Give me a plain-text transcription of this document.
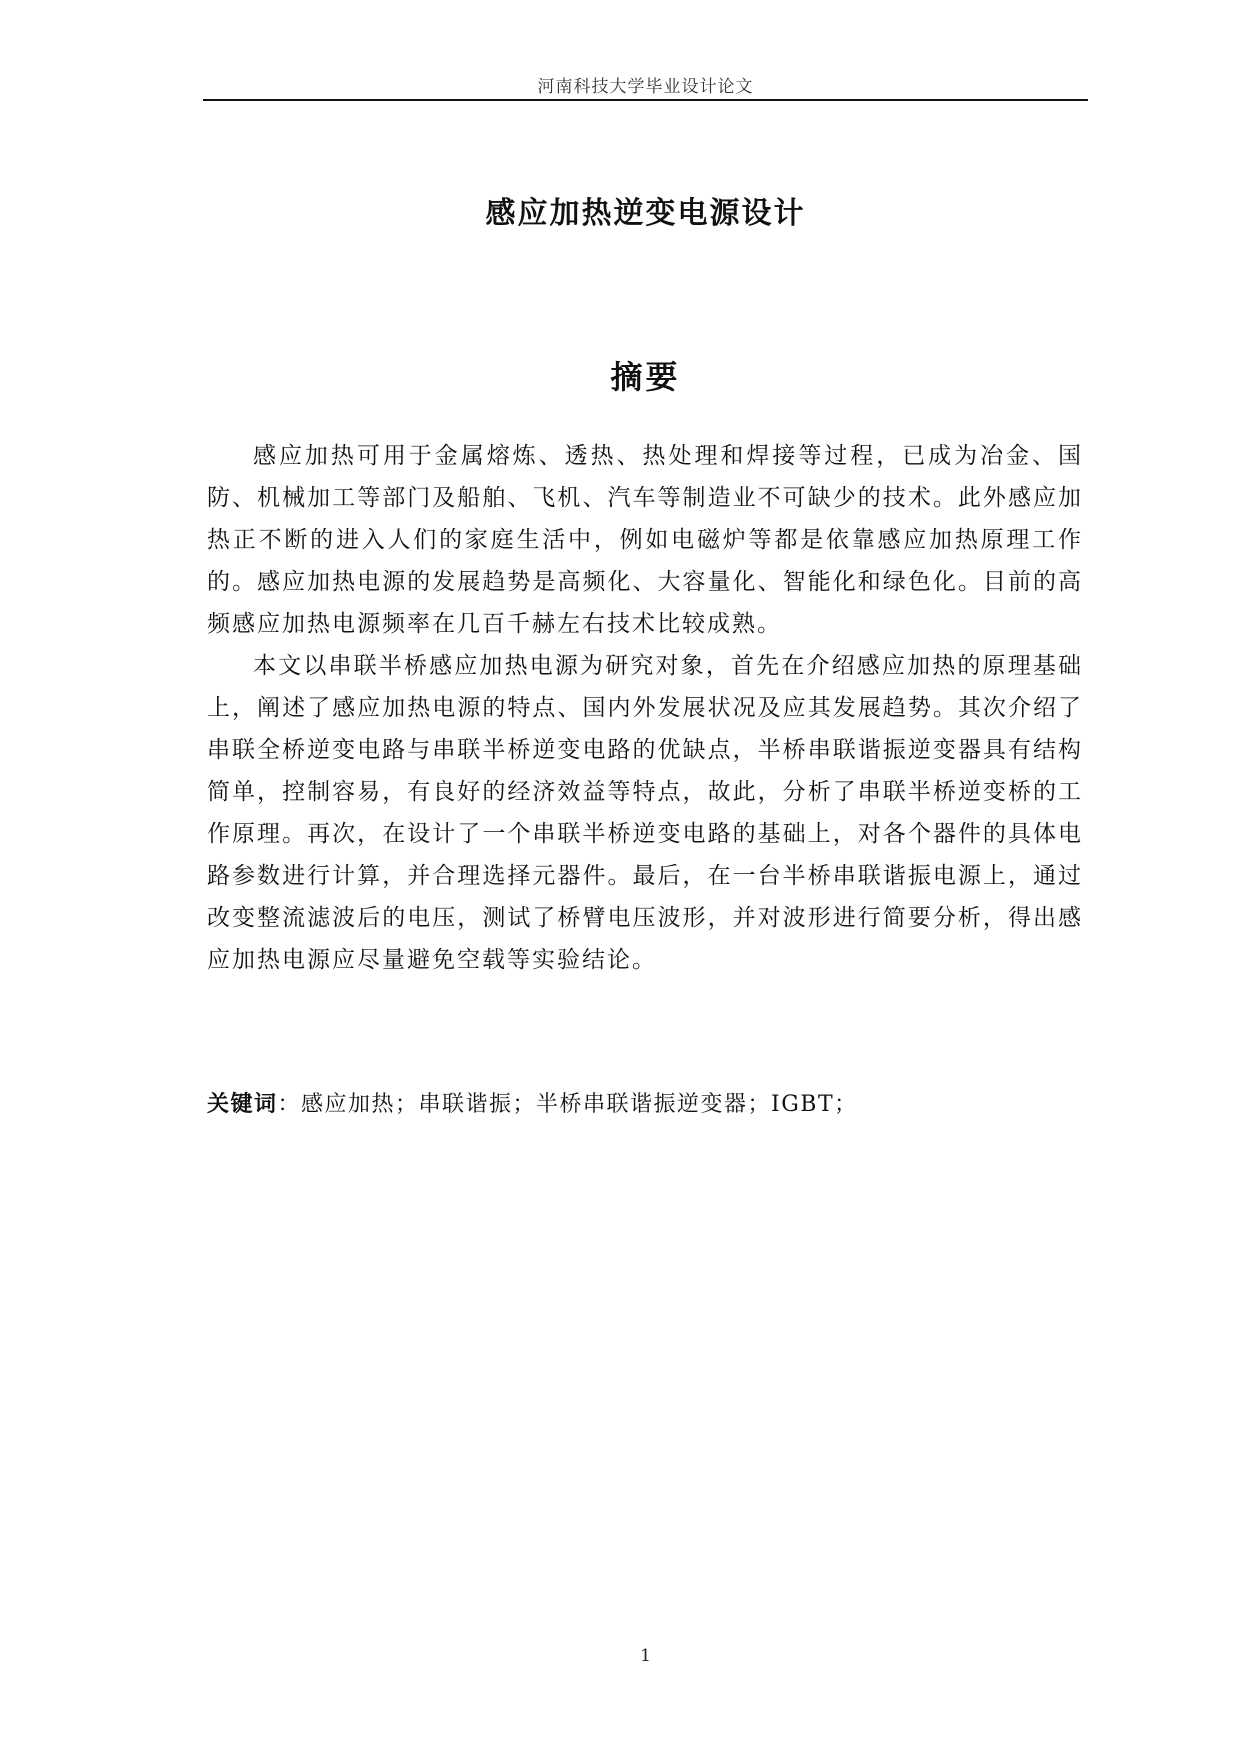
河南科技大学毕业设计论文
感应加热逆变电源设计
摘要

感应加热可用于金属熔炼、透热、热处理和焊接等过程，已成为冶金、国防、机械加工等部门及船舶、飞机、汽车等制造业不可缺少的技术。此外感应加热正不断的进入人们的家庭生活中，例如电磁炉等都是依靠感应加热原理工作的。感应加热电源的发展趋势是高频化、大容量化、智能化和绿色化。目前的高频感应加热电源频率在几百千赫左右技术比较成熟。

本文以串联半桥感应加热电源为研究对象，首先在介绍感应加热的原理基础上，阐述了感应加热电源的特点、国内外发展状况及应其发展趋势。其次介绍了串联全桥逆变电路与串联半桥逆变电路的优缺点，半桥串联谐振逆变器具有结构简单，控制容易，有良好的经济效益等特点，故此，分析了串联半桥逆变桥的工作原理。再次，在设计了一个串联半桥逆变电路的基础上，对各个器件的具体电路参数进行计算，并合理选择元器件。最后，在一台半桥串联谐振电源上，通过改变整流滤波后的电压，测试了桥臂电压波形，并对波形进行简要分析，得出感应加热电源应尽量避免空载等实验结论。

关键词：感应加热；串联谐振；半桥串联谐振逆变器；IGBT；
1
